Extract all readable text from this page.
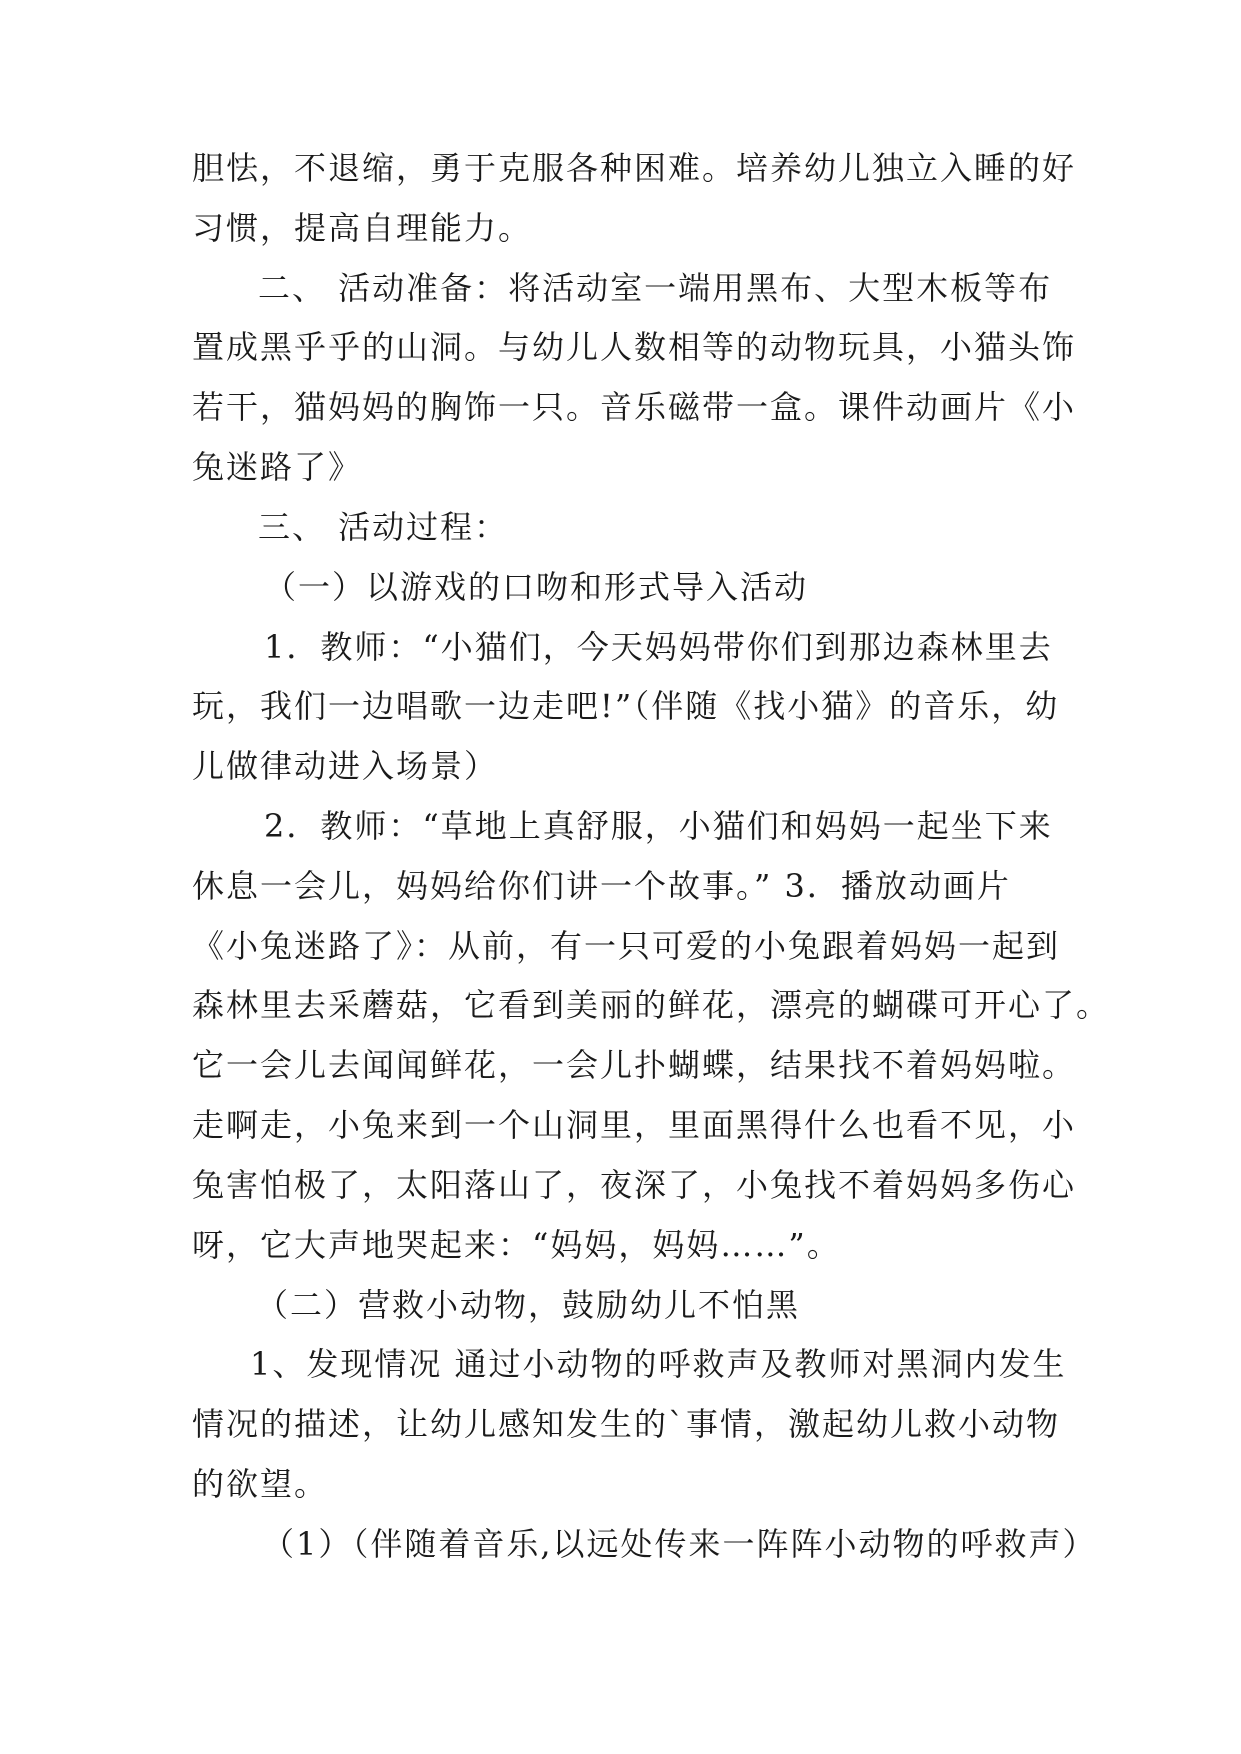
胆怯，不退缩，勇于克服各种困难。培养幼儿独立入睡的好
习惯，提高自理能力。
二、 活动准备：将活动室一端用黑布、大型木板等布
置成黑乎乎的山洞。与幼儿人数相等的动物玩具，小猫头饰
若干，猫妈妈的胸饰一只。音乐磁带一盒。课件动画片《小
兔迷路了》
三、 活动过程：
（一）以游戏的口吻和形式导入活动
1．教师：“小猫们，今天妈妈带你们到那边森林里去
玩，我们一边唱歌一边走吧!”（伴随《找小猫》的音乐，幼
儿做律动进入场景）
2．教师：“草地上真舒服，小猫们和妈妈一起坐下来
休息一会儿，妈妈给你们讲一个故事。” 3．播放动画片
《小兔迷路了》：从前，有一只可爱的小兔跟着妈妈一起到
森林里去采蘑菇，它看到美丽的鲜花，漂亮的蝴碟可开心了。
它一会儿去闻闻鲜花，一会儿扑蝴蝶，结果找不着妈妈啦。
走啊走，小兔来到一个山洞里，里面黑得什么也看不见，小
兔害怕极了，太阳落山了，夜深了，小兔找不着妈妈多伤心
呀，它大声地哭起来：“妈妈，妈妈……”。
（二）营救小动物，鼓励幼儿不怕黑
1、发现情况 通过小动物的呼救声及教师对黑洞内发生
情况的描述，让幼儿感知发生的`事情，激起幼儿救小动物
的欲望。
（1）（伴随着音乐,以远处传来一阵阵小动物的呼救声）
